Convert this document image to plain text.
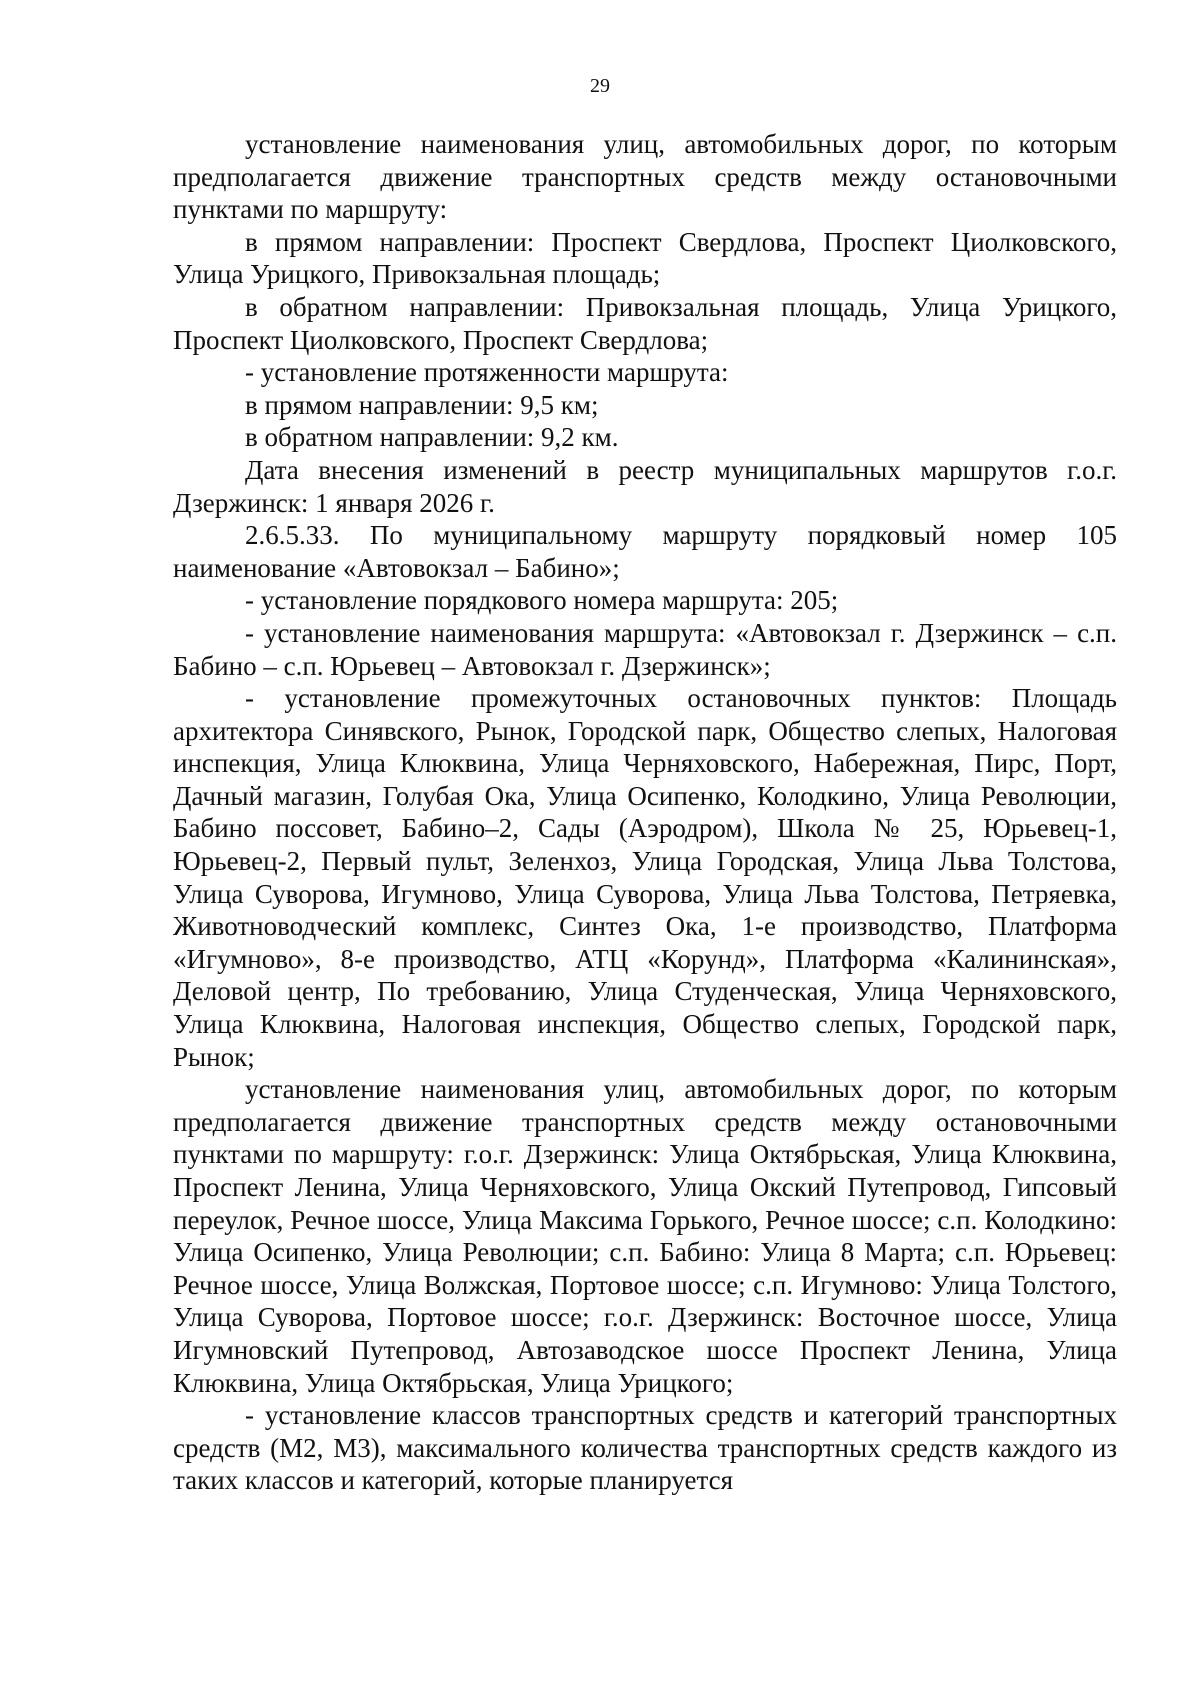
29

установление наименования улиц, автомобильных дорог, по которым предполагается движение транспортных средств между остановочными пунктами по маршруту:

в прямом направлении: Проспект Свердлова, Проспект Циолковского, Улица Урицкого, Привокзальная площадь;

в обратном направлении: Привокзальная площадь, Улица Урицкого, Проспект Циолковского, Проспект Свердлова;

- установление протяженности маршрута:

в прямом направлении: 9,5 км;

в обратном направлении: 9,2 км.

Дата внесения изменений в реестр муниципальных маршрутов г.о.г. Дзержинск: 1 января 2026 г.

2.6.5.33. По муниципальному маршруту порядковый номер 105 наименование «Автовокзал – Бабино»;

- установление порядкового номера маршрута: 205;

- установление наименования маршрута: «Автовокзал г. Дзержинск – с.п. Бабино – с.п. Юрьевец – Автовокзал г. Дзержинск»;

- установление промежуточных остановочных пунктов: Площадь архитектора Синявского, Рынок, Городской парк, Общество слепых, Налоговая инспекция, Улица Клюквина, Улица Черняховского, Набережная, Пирс, Порт, Дачный магазин, Голубая Ока, Улица Осипенко, Колодкино, Улица Революции, Бабино поссовет, Бабино–2, Сады (Аэродром), Школа № 25, Юрьевец-1, Юрьевец-2, Первый пульт, Зеленхоз, Улица Городская, Улица Льва Толстова, Улица Суворова, Игумново, Улица Суворова, Улица Льва Толстова, Петряевка, Животноводческий комплекс, Синтез Ока, 1-е производство, Платформа «Игумново», 8-е производство, АТЦ «Корунд», Платформа «Калининская», Деловой центр, По требованию, Улица Студенческая, Улица Черняховского, Улица Клюквина, Налоговая инспекция, Общество слепых, Городской парк, Рынок;

установление наименования улиц, автомобильных дорог, по которым предполагается движение транспортных средств между остановочными пунктами по маршруту: г.о.г. Дзержинск: Улица Октябрьская, Улица Клюквина, Проспект Ленина, Улица Черняховского, Улица Окский Путепровод, Гипсовый переулок, Речное шоссе, Улица Максима Горького, Речное шоссе; с.п. Колодкино: Улица Осипенко, Улица Революции; с.п. Бабино: Улица 8 Марта; с.п. Юрьевец: Речное шоссе, Улица Волжская, Портовое шоссе; с.п. Игумново: Улица Толстого, Улица Суворова, Портовое шоссе; г.о.г. Дзержинск: Восточное шоссе, Улица Игумновский Путепровод, Автозаводское шоссе Проспект Ленина, Улица Клюквина, Улица Октябрьская, Улица Урицкого;

- установление классов транспортных средств и категорий транспортных средств (М2, М3), максимального количества транспортных средств каждого из таких классов и категорий, которые планируется
